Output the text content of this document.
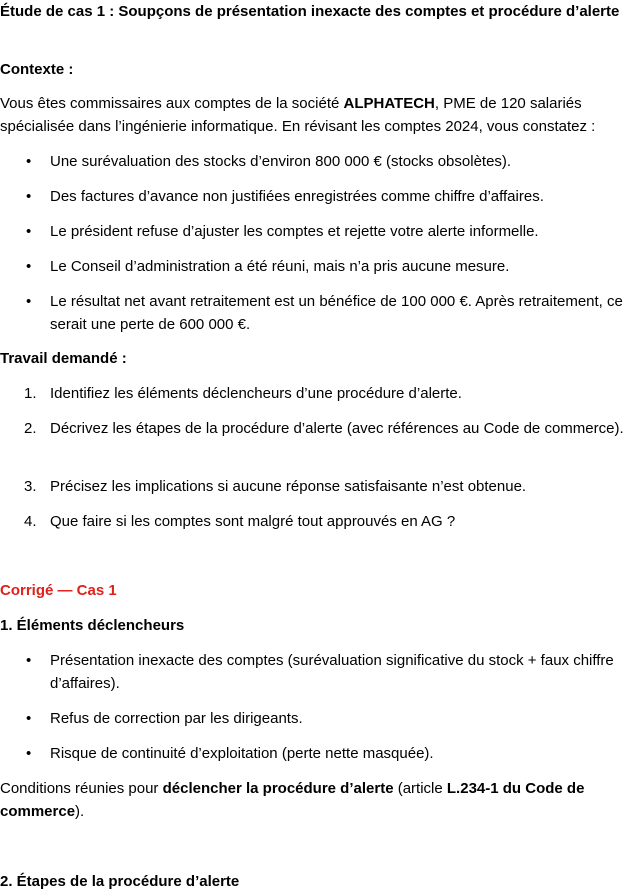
Étude de cas 1 : Soupçons de présentation inexacte des comptes et procédure d’alerte
Contexte :
Vous êtes commissaires aux comptes de la société ALPHATECH, PME de 120 salariés spécialisée dans l’ingénierie informatique. En révisant les comptes 2024, vous constatez :
•	Une surévaluation des stocks d’environ 800 000 € (stocks obsolètes).
•	Des factures d’avance non justifiées enregistrées comme chiffre d’affaires.
•	Le président refuse d’ajuster les comptes et rejette votre alerte informelle.
•	Le Conseil d’administration a été réuni, mais n’a pris aucune mesure.
•	Le résultat net avant retraitement est un bénéfice de 100 000 €. Après retraitement, ce serait une perte de 600 000 €.
Travail demandé :
1. Identifiez les éléments déclencheurs d’une procédure d’alerte.
2. Décrivez les étapes de la procédure d’alerte (avec références au Code de commerce).
3. Précisez les implications si aucune réponse satisfaisante n’est obtenue.
4. Que faire si les comptes sont malgré tout approuvés en AG ?
Corrigé — Cas 1
1. Éléments déclencheurs
•	Présentation inexacte des comptes (surévaluation significative du stock + faux chiffre d’affaires).
•	Refus de correction par les dirigeants.
•	Risque de continuité d’exploitation (perte nette masquée).
Conditions réunies pour déclencher la procédure d’alerte (article L.234-1 du Code de commerce).
2. Étapes de la procédure d’alerte
